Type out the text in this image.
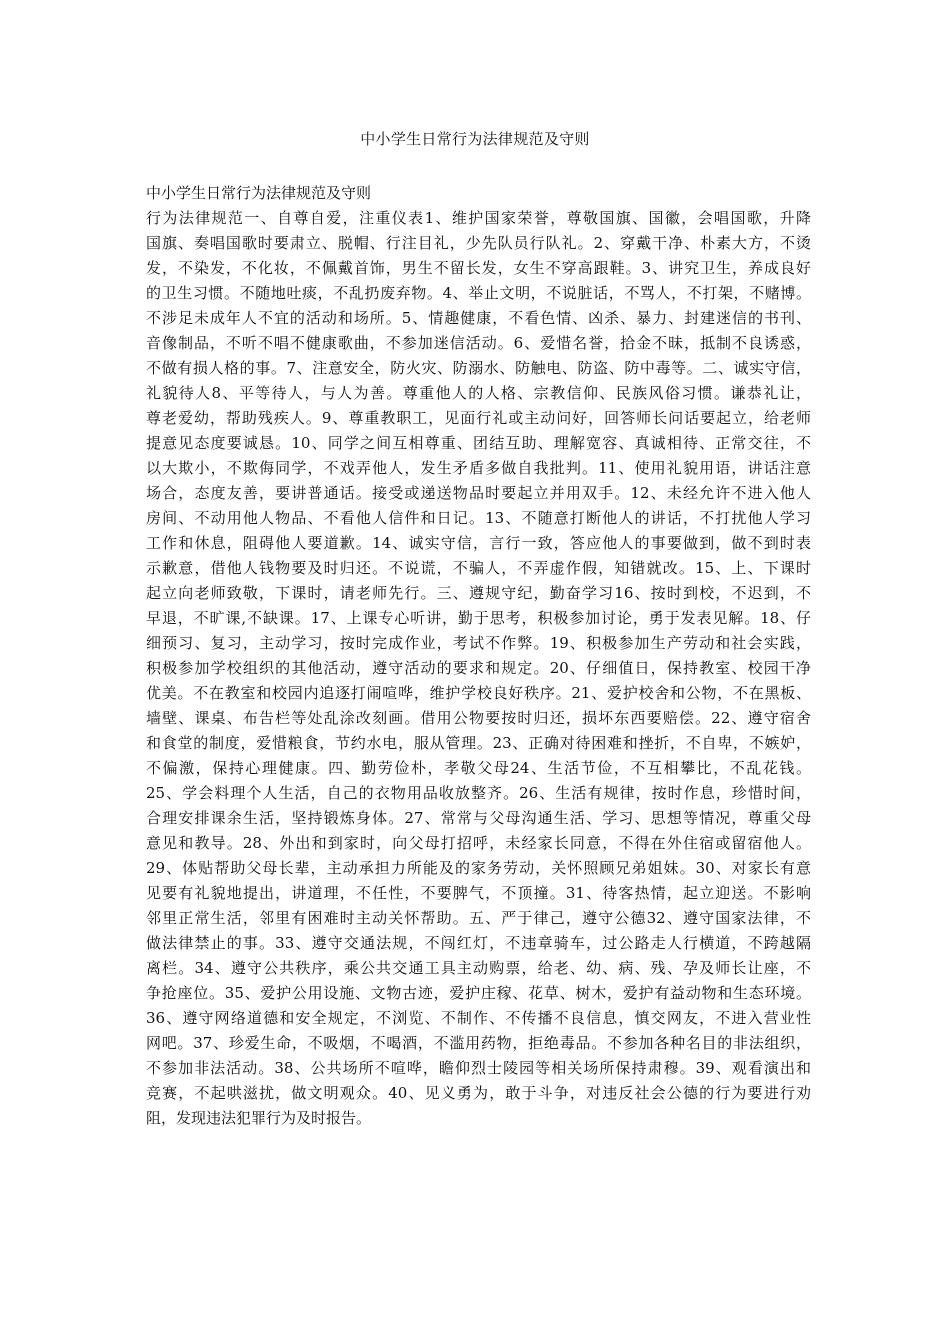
中小学生日常行为法律规范及守则

中小学生日常行为法律规范及守则

行为法律规范一、自尊自爱，注重仪表1、维护国家荣誉，尊敬国旗、国徽，会唱国歌，升降

国旗、奏唱国歌时要肃立、脱帽、行注目礼，少先队员行队礼。2、穿戴干净、朴素大方，不烫

发，不染发，不化妆，不佩戴首饰，男生不留长发，女生不穿高跟鞋。3、讲究卫生，养成良好

的卫生习惯。不随地吐痰，不乱扔废弃物。4、举止文明，不说脏话，不骂人，不打架，不赌博。

不涉足未成年人不宜的活动和场所。5、情趣健康，不看色情、凶杀、暴力、封建迷信的书刊、

音像制品，不听不唱不健康歌曲，不参加迷信活动。6、爱惜名誉，拾金不昧，抵制不良诱惑，

不做有损人格的事。7、注意安全，防火灾、防溺水、防触电、防盗、防中毒等。二、诚实守信，

礼貌待人8、平等待人，与人为善。尊重他人的人格、宗教信仰、民族风俗习惯。谦恭礼让，

尊老爱幼，帮助残疾人。9、尊重教职工，见面行礼或主动问好，回答师长问话要起立，给老师

提意见态度要诚恳。10、同学之间互相尊重、团结互助、理解宽容、真诚相待、正常交往，不

以大欺小，不欺侮同学，不戏弄他人，发生矛盾多做自我批判。11、使用礼貌用语，讲话注意

场合，态度友善，要讲普通话。接受或递送物品时要起立并用双手。12、未经允许不进入他人

房间、不动用他人物品、不看他人信件和日记。13、不随意打断他人的讲话，不打扰他人学习

工作和休息，阻碍他人要道歉。14、诚实守信，言行一致，答应他人的事要做到，做不到时表

示歉意，借他人钱物要及时归还。不说谎，不骗人，不弄虚作假，知错就改。15、上、下课时

起立向老师致敬，下课时，请老师先行。三、遵规守纪，勤奋学习16、按时到校，不迟到，不

早退，不旷课,不缺课。17、上课专心听讲，勤于思考，积极参加讨论，勇于发表见解。18、仔

细预习、复习，主动学习，按时完成作业，考试不作弊。19、积极参加生产劳动和社会实践，

积极参加学校组织的其他活动，遵守活动的要求和规定。20、仔细值日，保持教室、校园干净

优美。不在教室和校园内追逐打闹喧哗，维护学校良好秩序。21、爱护校舍和公物，不在黑板、

墙壁、课桌、布告栏等处乱涂改刻画。借用公物要按时归还，损坏东西要赔偿。22、遵守宿舍

和食堂的制度，爱惜粮食，节约水电，服从管理。23、正确对待困难和挫折，不自卑，不嫉妒，

不偏激，保持心理健康。四、勤劳俭朴，孝敬父母24、生活节俭，不互相攀比，不乱花钱。

25、学会料理个人生活，自己的衣物用品收放整齐。26、生活有规律，按时作息，珍惜时间，

合理安排课余生活，坚持锻炼身体。27、常常与父母沟通生活、学习、思想等情况，尊重父母

意见和教导。28、外出和到家时，向父母打招呼，未经家长同意，不得在外住宿或留宿他人。

29、体贴帮助父母长辈，主动承担力所能及的家务劳动，关怀照顾兄弟姐妹。30、对家长有意

见要有礼貌地提出，讲道理，不任性，不要脾气，不顶撞。31、待客热情，起立迎送。不影响

邻里正常生活，邻里有困难时主动关怀帮助。五、严于律己，遵守公德32、遵守国家法律，不

做法律禁止的事。33、遵守交通法规，不闯红灯，不违章骑车，过公路走人行横道，不跨越隔

离栏。34、遵守公共秩序，乘公共交通工具主动购票，给老、幼、病、残、孕及师长让座，不

争抢座位。35、爱护公用设施、文物古迹，爱护庄稼、花草、树木，爱护有益动物和生态环境。

36、遵守网络道德和安全规定，不浏览、不制作、不传播不良信息，慎交网友，不进入营业性

网吧。37、珍爱生命，不吸烟，不喝酒，不滥用药物，拒绝毒品。不参加各种名目的非法组织，

不参加非法活动。38、公共场所不喧哗，瞻仰烈士陵园等相关场所保持肃穆。39、观看演出和

竞赛，不起哄滋扰，做文明观众。40、见义勇为，敢于斗争，对违反社会公德的行为要进行劝

阻，发现违法犯罪行为及时报告。
